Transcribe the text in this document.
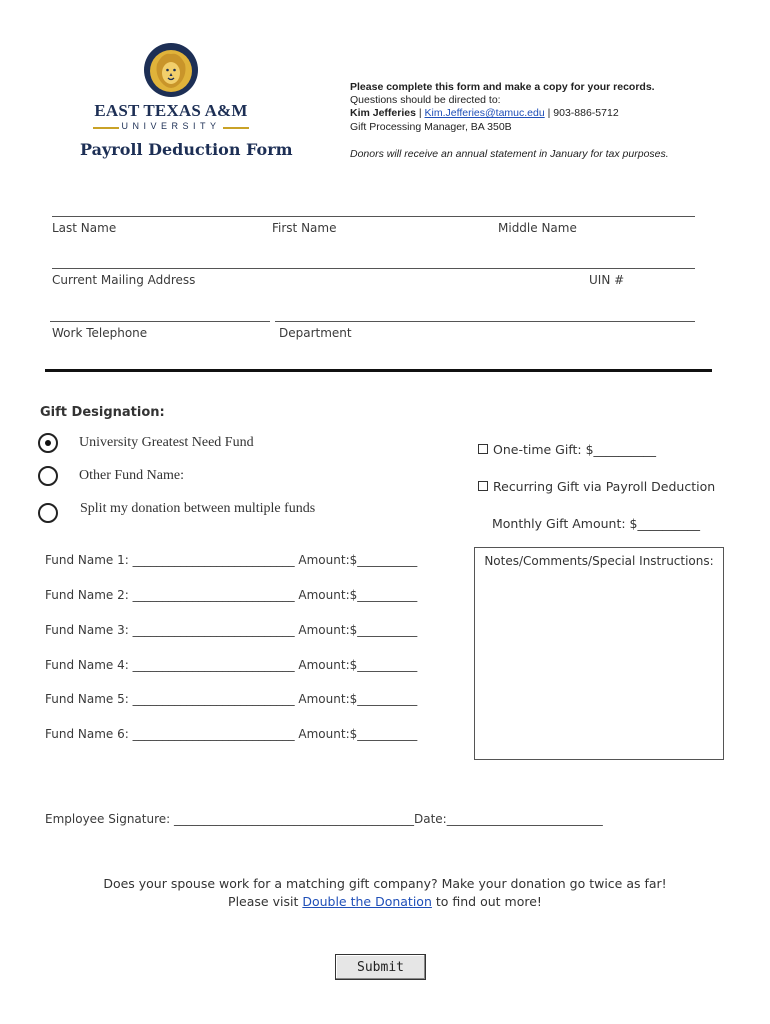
EAST TEXAS A&M
UNIVERSITY
Payroll Deduction Form
Please complete this form and make a copy for your records.
Questions should be directed to:
Kim Jefferies | Kim.Jefferies@tamuc.edu | 903-886-5712
Gift Processing Manager, BA 350B
Donors will receive an annual statement in January for tax purposes.
Last Name	First Name	Middle Name
Current Mailing Address	UIN #
Work Telephone	Department
Gift Designation:
University Greatest Need Fund
Other Fund Name:
Split my donation between multiple funds
One-time Gift: $__________
Recurring Gift via Payroll Deduction
Monthly Gift Amount: $__________
Fund Name 1: ___________________________ Amount:$__________
Fund Name 2: ___________________________ Amount:$__________
Fund Name 3: ___________________________ Amount:$__________
Fund Name 4: ___________________________ Amount:$__________
Fund Name 5: ___________________________ Amount:$__________
Fund Name 6: ___________________________ Amount:$__________
Notes/Comments/Special Instructions:
Employee Signature: ________________________________________Date:__________________________
Does your spouse work for a matching gift company? Make your donation go twice as far!
Please visit Double the Donation to find out more!
Submit
